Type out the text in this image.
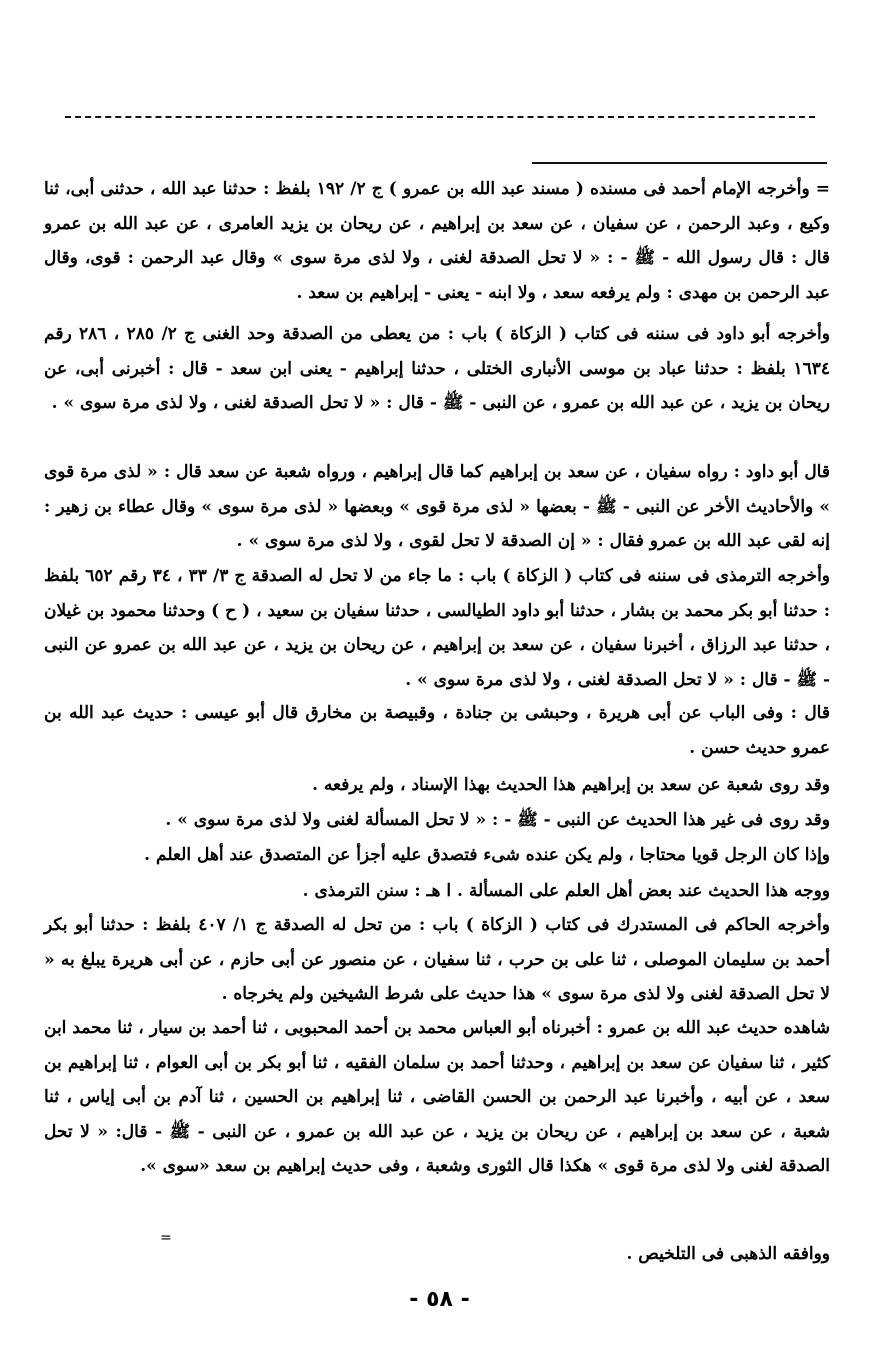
= وأخرجه الإمام أحمد فى مسنده ( مسند عبد الله بن عمرو ) ج ٢/ ١٩٢ بلفظ : حدثنا عبد الله ، حدثنى أبى، ثنا وكيع ، وعبد الرحمن ، عن سفيان ، عن سعد بن إبراهيم ، عن ريحان بن يزيد العامرى ، عن عبد الله بن عمرو قال : قال رسول الله - ﷺ - : « لا تحل الصدقة لغنى ، ولا لذى مرة سوى » وقال عبد الرحمن : قوى، وقال عبد الرحمن بن مهدى : ولم يرفعه سعد ، ولا ابنه - يعنى - إبراهيم بن سعد .

وأخرجه أبو داود فى سننه فى كتاب ( الزكاة ) باب : من يعطى من الصدقة وحد الغنى ج ٢/ ٢٨٥ ، ٢٨٦ رقم ١٦٣٤ بلفظ : حدثنا عباد بن موسى الأنبارى الختلى ، حدثنا إبراهيم - يعنى ابن سعد - قال : أخبرنى أبى، عن ريحان بن يزيد ، عن عبد الله بن عمرو ، عن النبى - ﷺ - قال : « لا تحل الصدقة لغنى ، ولا لذى مرة سوى » .

قال أبو داود : رواه سفيان ، عن سعد بن إبراهيم كما قال إبراهيم ، ورواه شعبة عن سعد قال : « لذى مرة قوى » والأحاديث الأخر عن النبى - ﷺ - بعضها « لذى مرة قوى » وبعضها « لذى مرة سوى » وقال عطاء بن زهير : إنه لقى عبد الله بن عمرو فقال : « إن الصدقة لا تحل لقوى ، ولا لذى مرة سوى » .

وأخرجه الترمذى فى سننه فى كتاب ( الزكاة ) باب : ما جاء من لا تحل له الصدقة ج ٣/ ٣٣ ، ٣٤ رقم ٦٥٢ بلفظ : حدثنا أبو بكر محمد بن بشار ، حدثنا أبو داود الطيالسى ، حدثنا سفيان بن سعيد ، ( ح ) وحدثنا محمود بن غيلان ، حدثنا عبد الرزاق ، أخبرنا سفيان ، عن سعد بن إبراهيم ، عن ريحان بن يزيد ، عن عبد الله بن عمرو عن النبى - ﷺ - قال : « لا تحل الصدقة لغنى ، ولا لذى مرة سوى » .

قال : وفى الباب عن أبى هريرة ، وحبشى بن جنادة ، وقبيصة بن مخارق قال أبو عيسى : حديث عبد الله بن عمرو حديث حسن .

وقد روى شعبة عن سعد بن إبراهيم هذا الحديث بهذا الإسناد ، ولم يرفعه .

وقد روى فى غير هذا الحديث عن النبى - ﷺ - : « لا تحل المسألة لغنى ولا لذى مرة سوى » .

وإذا كان الرجل قويا محتاجا ، ولم يكن عنده شىء فتصدق عليه أجزأ عن المتصدق عند أهل العلم .

ووجه هذا الحديث عند بعض أهل العلم على المسألة . ا هـ : سنن الترمذى .

وأخرجه الحاكم فى المستدرك فى كتاب ( الزكاة ) باب : من تحل له الصدقة ج ١/ ٤٠٧ بلفظ : حدثنا أبو بكر أحمد بن سليمان الموصلى ، ثنا على بن حرب ، ثنا سفيان ، عن منصور عن أبى حازم ، عن أبى هريرة يبلغ به « لا تحل الصدقة لغنى ولا لذى مرة سوى » هذا حديث على شرط الشيخين ولم يخرجاه .

شاهده حديث عبد الله بن عمرو : أخبرناه أبو العباس محمد بن أحمد المحبوبى ، ثنا أحمد بن سيار ، ثنا محمد ابن كثير ، ثنا سفيان عن سعد بن إبراهيم ، وحدثنا أحمد بن سلمان الفقيه ، ثنا أبو بكر بن أبى العوام ، ثنا إبراهيم بن سعد ، عن أبيه ، وأخبرنا عبد الرحمن بن الحسن القاضى ، ثنا إبراهيم بن الحسين ، ثنا آدم بن أبى إياس ، ثنا شعبة ، عن سعد بن إبراهيم ، عن ريحان بن يزيد ، عن عبد الله بن عمرو ، عن النبى - ﷺ - قال: « لا تحل الصدقة لغنى ولا لذى مرة قوى » هكذا قال الثورى وشعبة ، وفى حديث إبراهيم بن سعد «سوى ».

ووافقه الذهبى فى التلخيص .

=
- ٥٨ -
